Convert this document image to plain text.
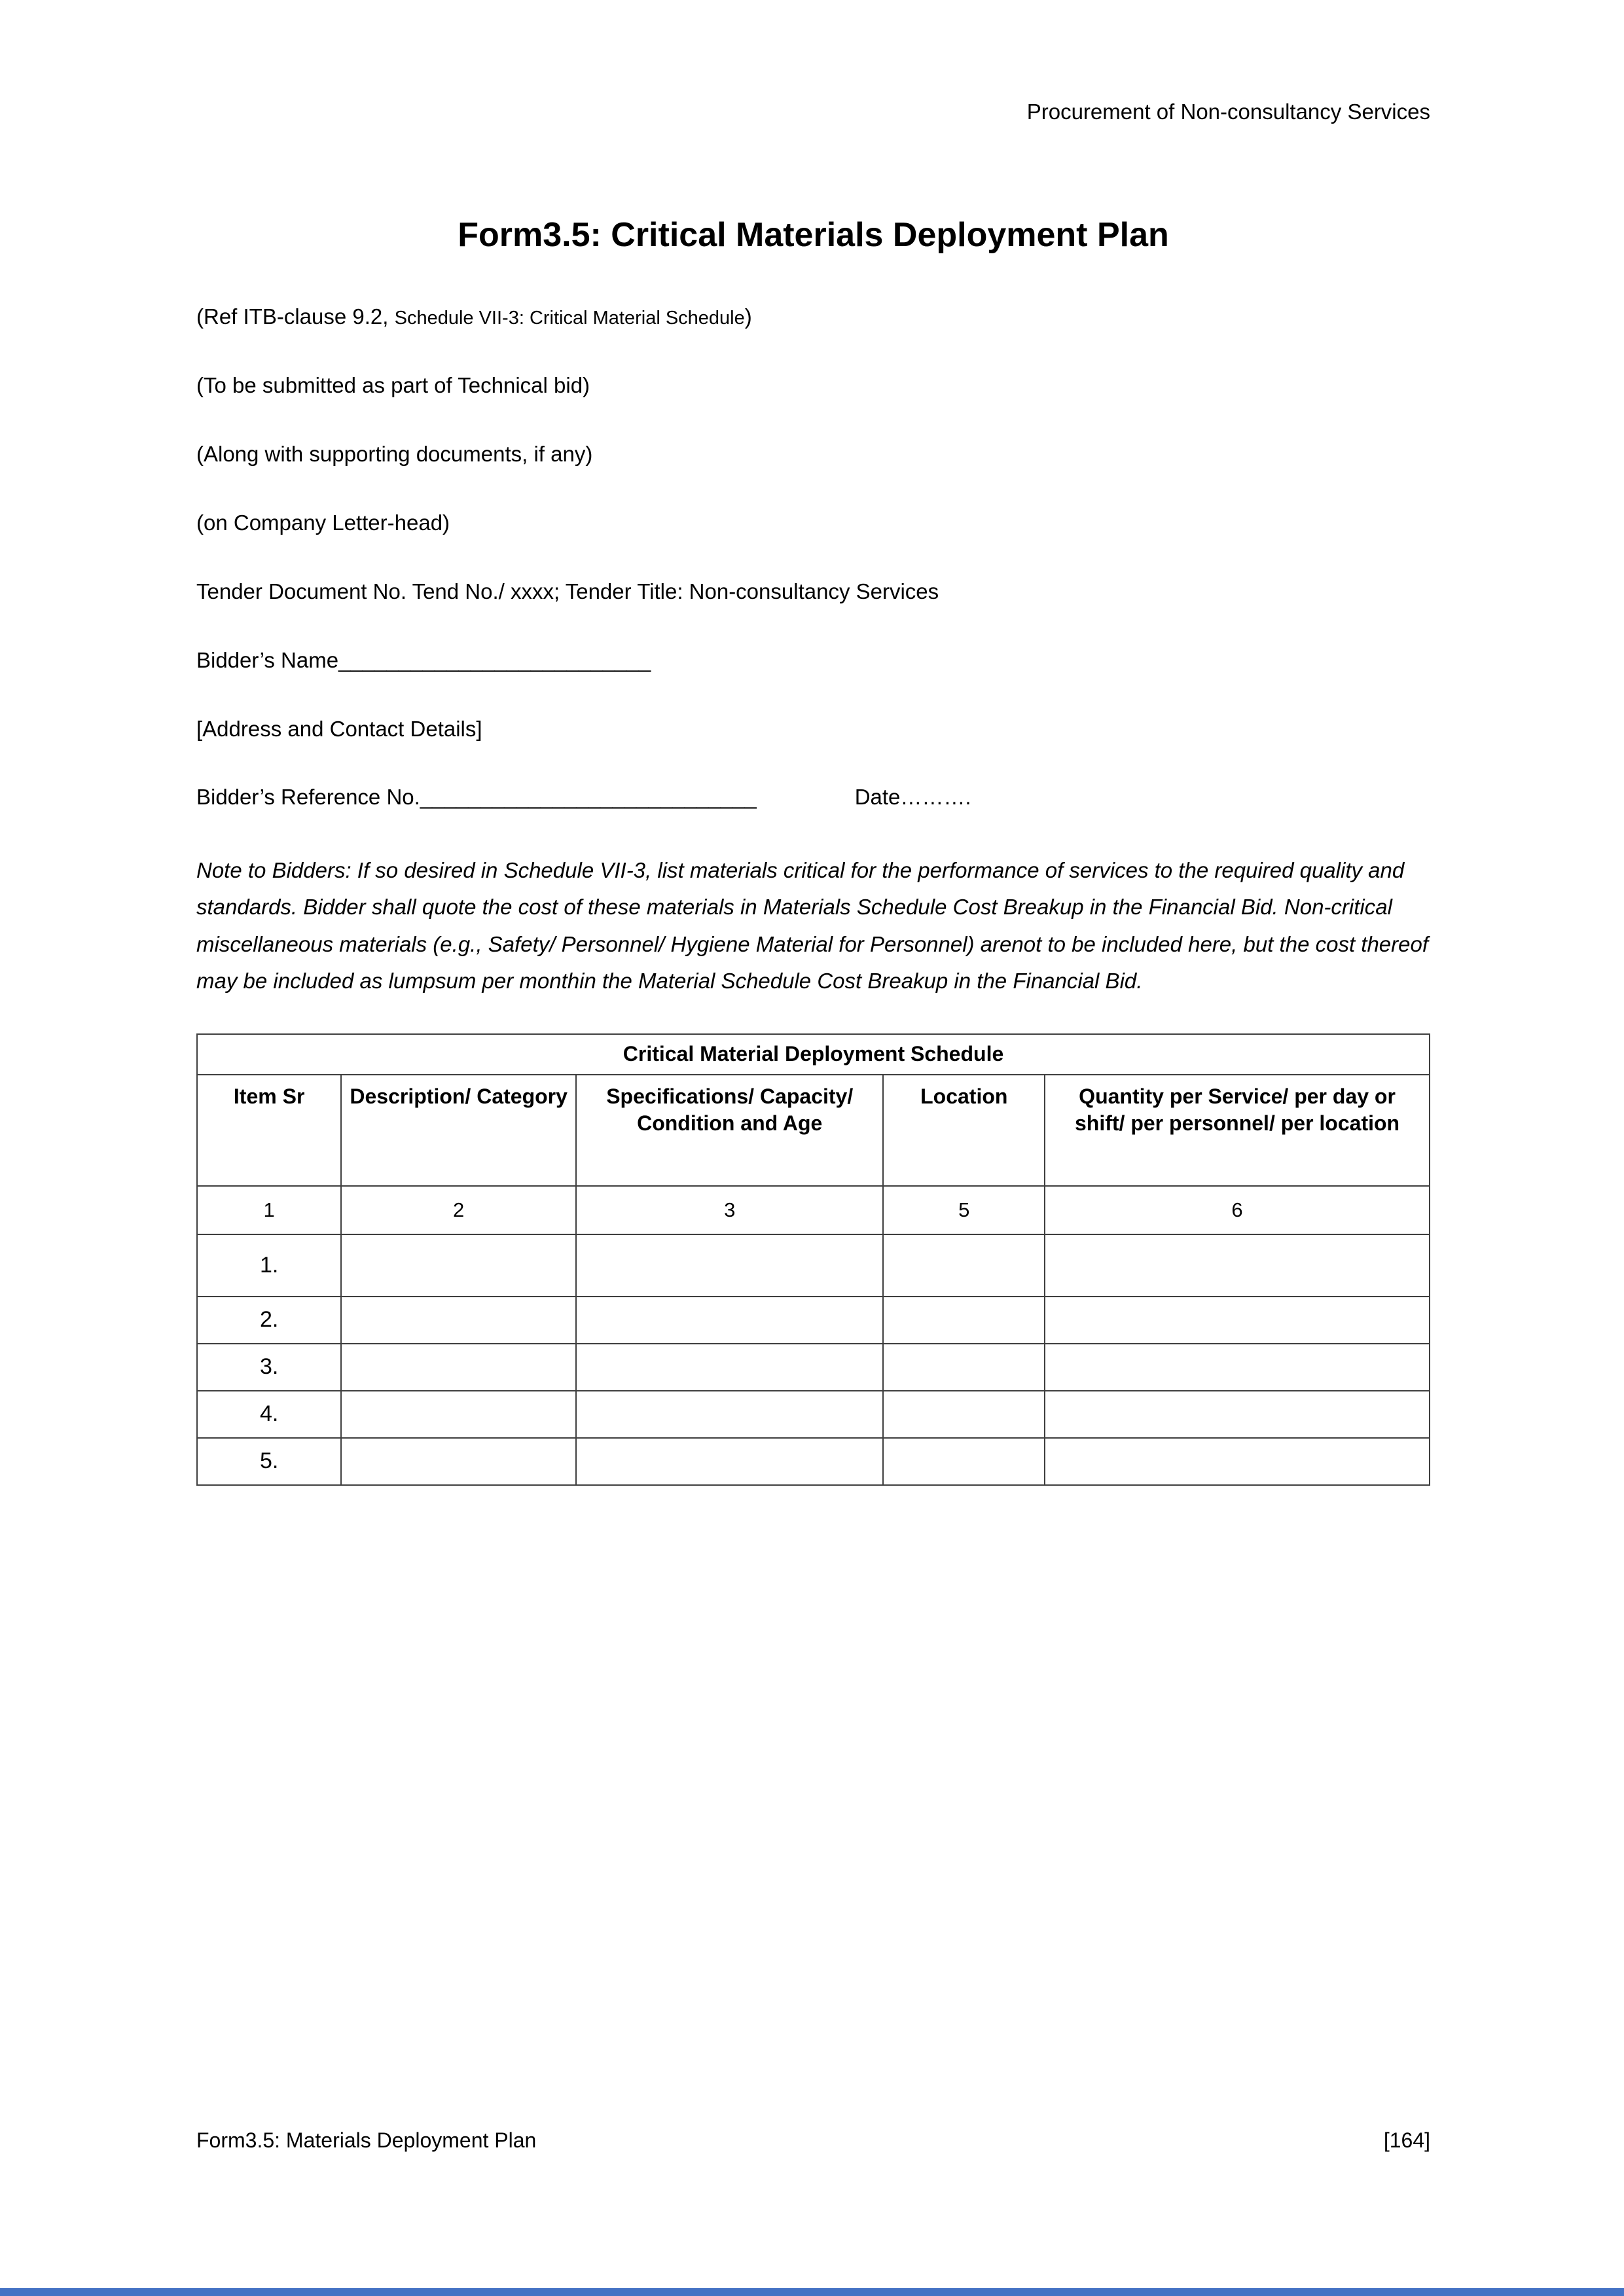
Procurement of Non-consultancy Services
Form3.5: Critical Materials Deployment Plan

(Ref ITB-clause 9.2, Schedule VII-3: Critical Material Schedule)

(To be submitted as part of Technical bid)

(Along with supporting documents, if any)

(on Company Letter-head)

Tender Document No. Tend No./ xxxx; Tender Title: Non-consultancy Services

Bidder’s Name__________________________

[Address and Contact Details]

Bidder’s Reference No.____________________________	Date……….

Note to Bidders: If so desired in Schedule VII-3, list materials critical for the performance of services to the required quality and standards. Bidder shall quote the cost of these materials in Materials Schedule Cost Breakup in the Financial Bid. Non-critical miscellaneous materials (e.g., Safety/ Personnel/ Hygiene Material for Personnel) arenot to be included here, but the cost thereof may be included as lumpsum per monthin the Material Schedule Cost Breakup in the Financial Bid.

Critical Material Deployment Schedule				
Item Sr	Description/ Category	Specifications/ Capacity/ Condition and Age	Location	Quantity per Service/ per day or shift/ per personnel/ per location
1	2	3	5	6
1.				
2.				
3.				
4.				
5.				
Form3.5: Materials Deployment Plan	[164]
